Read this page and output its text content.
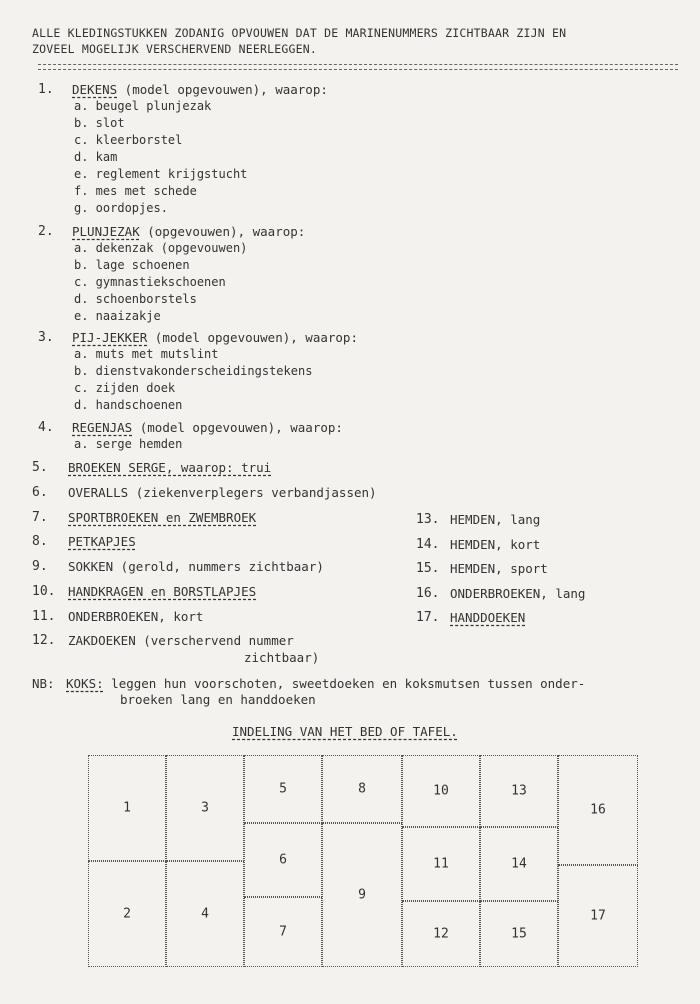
ALLE KLEDINGSTUKKEN ZODANIG OPVOUWEN DAT DE MARINENUMMERS ZICHTBAAR ZIJN EN
ZOVEEL MOGELIJK VERSCHERVEND NEERLEGGEN.
1. DEKENS (model opgevouwen), waarop:
a. beugel plunjezak
b. slot
c. kleerborstel
d. kam
e. reglement krijgstucht
f. mes met schede
g. oordopjes.
2. PLUNJEZAK (opgevouwen), waarop:
a. dekenzak (opgevouwen)
b. lage schoenen
c. gymnastiekschoenen
d. schoenborstels
e. naaizakje
3. PIJ-JEKKER (model opgevouwen), waarop:
a. muts met mutslint
b. dienstvakonderscheidingstekens
c. zijden doek
d. handschoenen
4. REGENJAS (model opgevouwen), waarop:
a. serge hemden
5. BROEKEN SERGE, waarop: trui
6. OVERALLS (ziekenverplegers verbandjassen)
7. SPORTBROEKEN en ZWEMBROEK
8. PETKAPJES
9. SOKKEN (gerold, nummers zichtbaar)
10. HANDKRAGEN en BORSTLAPJES
11. ONDERBROEKEN, kort
12. ZAKDOEKEN (verschervend nummer
zichtbaar)
13. HEMDEN, lang
14. HEMDEN, kort
15. HEMDEN, sport
16. ONDERBROEKEN, lang
17. HANDDOEKEN
NB: KOKS: leggen hun voorschoten, sweetdoeken en koksmutsen tussen onder-
broeken lang en handdoeken
INDELING VAN HET BED OF TAFEL.
1	3
5	8	10	13
16
6	11	14
9
2	4
7	12	15
17
